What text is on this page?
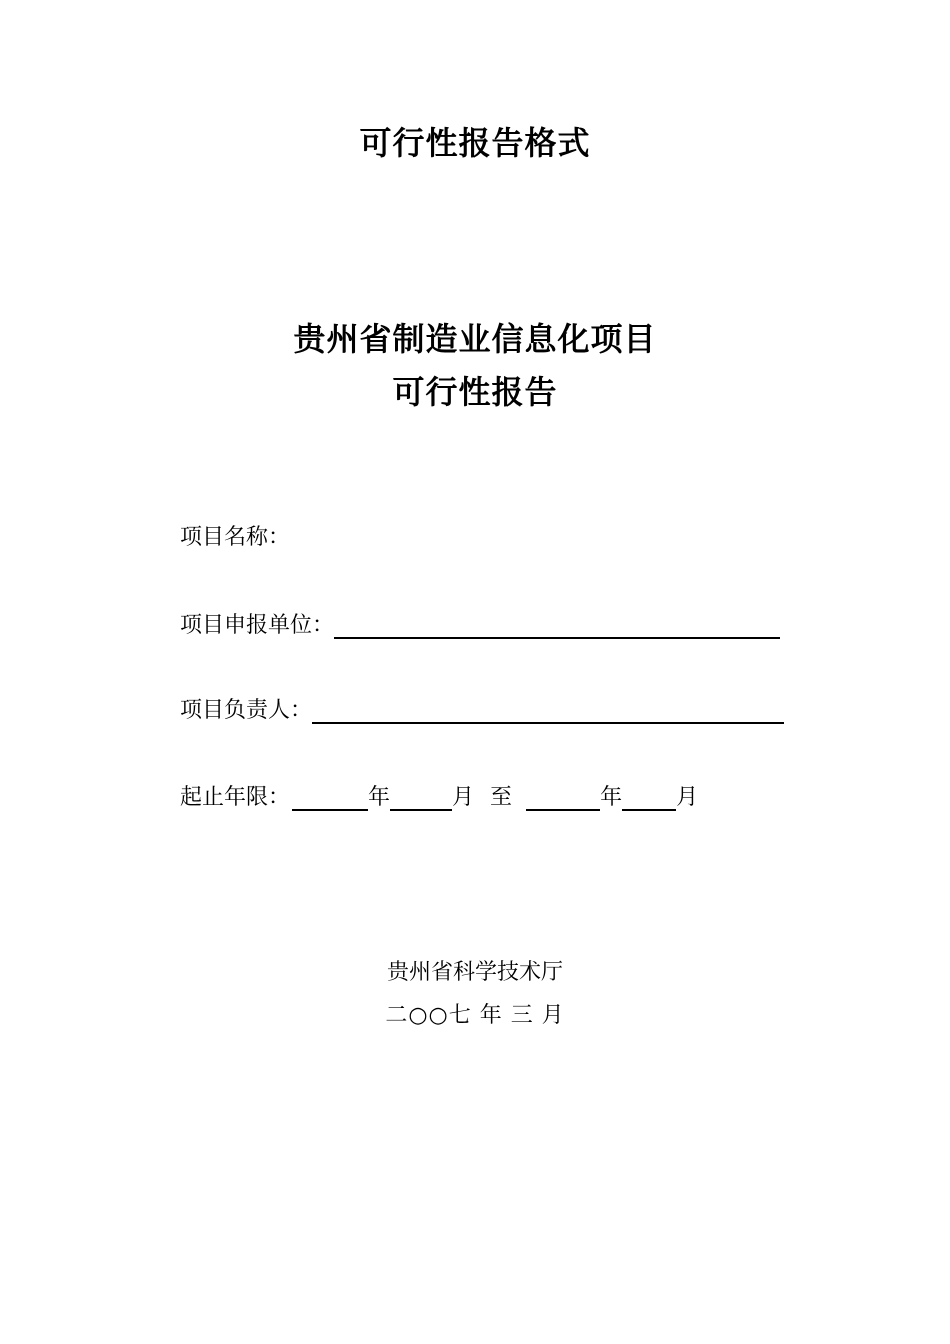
可行性报告格式
贵州省制造业信息化项目
可行性报告
项目名称：
项目申报单位：
项目负责人：
起止年限：	年	月 至	年 月
贵州省科学技术厅
二○○七 年 三 月
